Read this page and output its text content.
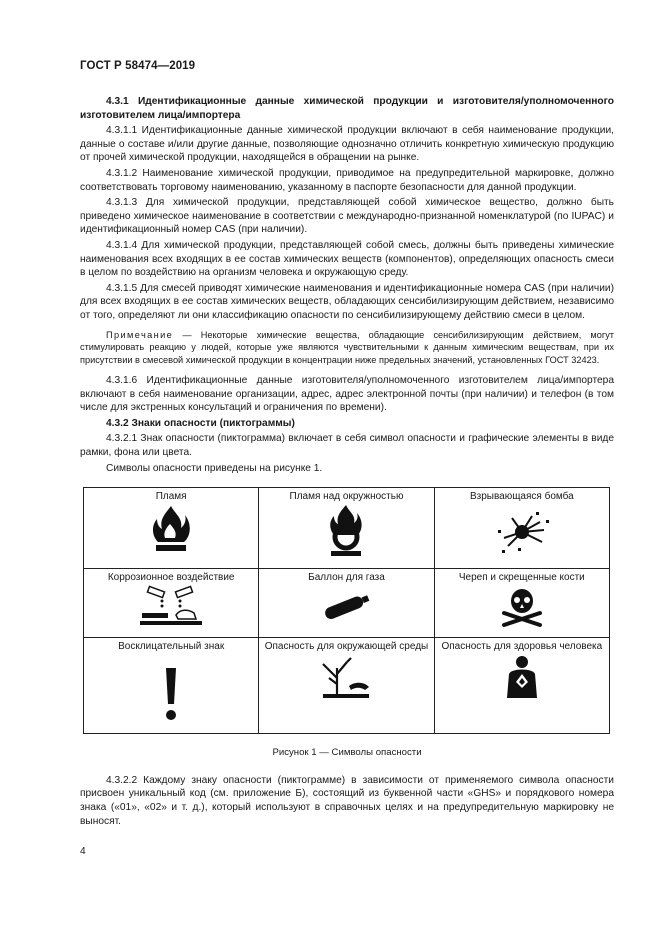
ГОСТ Р 58474—2019

4.3.1 Идентификационные данные химической продукции и изготовителя/уполномоченного изготовителем лица/импортера

4.3.1.1 Идентификационные данные химической продукции включают в себя наименование продукции, данные о составе и/или другие данные, позволяющие однозначно отличить конкретную химическую продукцию от прочей химической продукции, находящейся в обращении на рынке.

4.3.1.2 Наименование химической продукции, приводимое на предупредительной маркировке, должно соответствовать торговому наименованию, указанному в паспорте безопасности для данной продукции.

4.3.1.3 Для химической продукции, представляющей собой химическое вещество, должно быть приведено химическое наименование в соответствии с международно-признанной номенклатурой (по IUPAC) и идентификационный номер CAS (при наличии).

4.3.1.4 Для химической продукции, представляющей собой смесь, должны быть приведены химические наименования всех входящих в ее состав химических веществ (компонентов), определяющих опасность смеси в целом по воздействию на организм человека и окружающую среду.

4.3.1.5 Для смесей приводят химические наименования и идентификационные номера CAS (при наличии) для всех входящих в ее состав химических веществ, обладающих сенсибилизирующим действием, независимо от того, определяют ли они классификацию опасности по сенсибилизирующему действию смеси в целом.

Примечание — Некоторые химические вещества, обладающие сенсибилизирующим действием, могут стимулировать реакцию у людей, которые уже являются чувствительными к данным химическим веществам, при их присутствии в смесевой химической продукции в концентрации ниже предельных значений, установленных ГОСТ 32423.

4.3.1.6 Идентификационные данные изготовителя/уполномоченного изготовителем лица/импортера включают в себя наименование организации, адрес, адрес электронной почты (при наличии) и телефон (в том числе для экстренных консультаций и ограничения по времени).

4.3.2 Знаки опасности (пиктограммы)

4.3.2.1 Знак опасности (пиктограмма) включает в себя символ опасности и графические элементы в виде рамки, фона или цвета.

Символы опасности приведены на рисунке 1.

Пламя	Пламя над окружностью	Взрывающаяся бомба

Коррозионное воздействие	Баллон для газа	Череп и скрещенные кости

Восклицательный знак	Опасность для окружающей среды	Опасность для здоровья человека
Рисунок 1 — Символы опасности

4.3.2.2 Каждому знаку опасности (пиктограмме) в зависимости от применяемого символа опасности присвоен уникальный код (см. приложение Б), состоящий из буквенной части «GHS» и порядкового номера знака («01», «02» и т. д.), который используют в справочных целях и на предупредительную маркировку не выносят.

4
